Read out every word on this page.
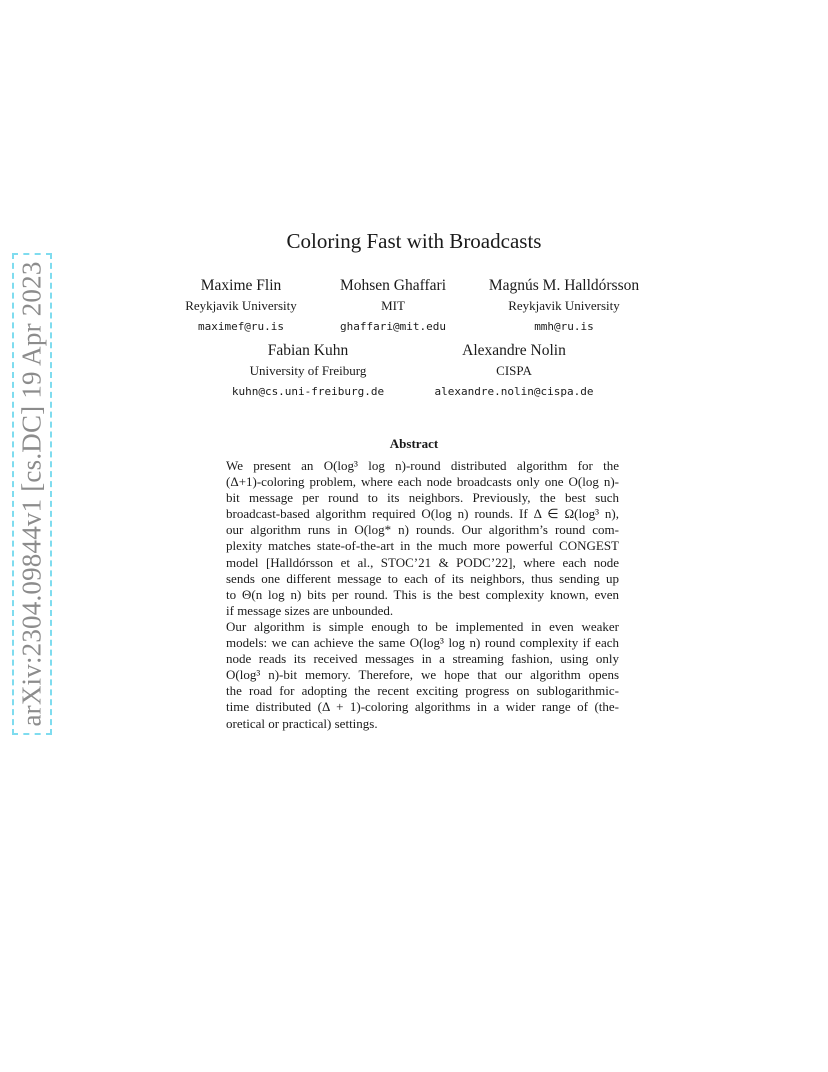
arXiv:2304.09844v1 [cs.DC] 19 Apr 2023
Coloring Fast with Broadcasts
Maxime Flin
Reykjavik University
maximef@ru.is
Mohsen Ghaffari
MIT
ghaffari@mit.edu
Magnús M. Halldórsson
Reykjavik University
mmh@ru.is
Fabian Kuhn
University of Freiburg
kuhn@cs.uni-freiburg.de
Alexandre Nolin
CISPA
alexandre.nolin@cispa.de
Abstract

We present an O(log³ log n)-round distributed algorithm for the
(Δ+1)-coloring problem, where each node broadcasts only one O(log n)-
bit message per round to its neighbors. Previously, the best such
broadcast-based algorithm required O(log n) rounds. If Δ ∈ Ω(log³ n),
our algorithm runs in O(log* n) rounds. Our algorithm’s round com-
plexity matches state-of-the-art in the much more powerful CONGEST
model [Halldórsson et al., STOC’21 & PODC’22], where each node
sends one different message to each of its neighbors, thus sending up
to Θ(n log n) bits per round. This is the best complexity known, even
if message sizes are unbounded.

Our algorithm is simple enough to be implemented in even weaker
models: we can achieve the same O(log³ log n) round complexity if each
node reads its received messages in a streaming fashion, using only
O(log³ n)-bit memory. Therefore, we hope that our algorithm opens
the road for adopting the recent exciting progress on sublogarithmic-
time distributed (Δ + 1)-coloring algorithms in a wider range of (the-
oretical or practical) settings.
